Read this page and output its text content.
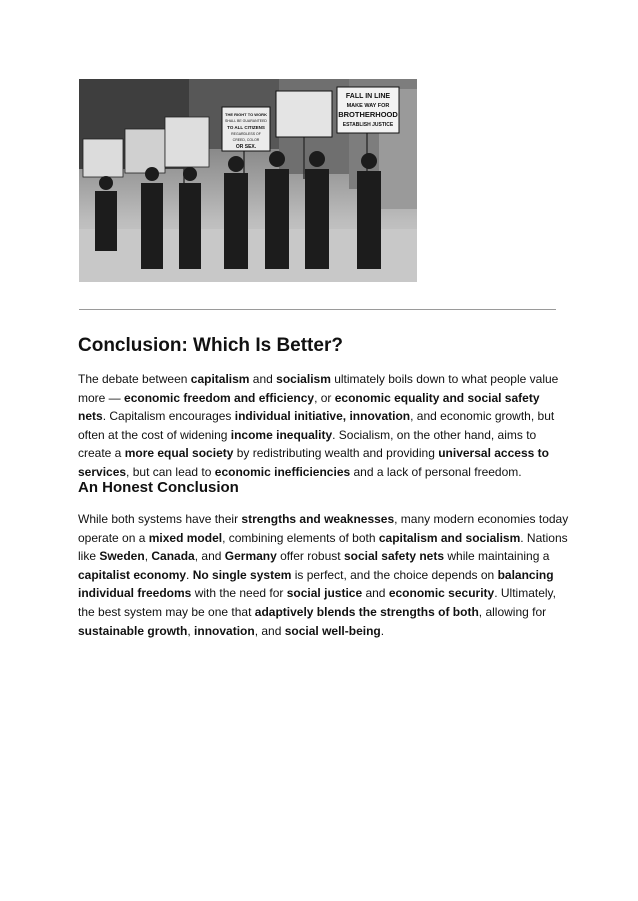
FALL IN LINE
MAKE WAY FOR
BROTHERHOOD
ESTABLISH JUSTICE
THE RIGHT TO WORK
SHALL BE GUARANTEED
TO ALL CITIZENS
REGARDLESS OF
CREED, COLOR
OR SEX.
Conclusion: Which Is Better?

The debate between capitalism and socialism ultimately boils down to what people value
more — economic freedom and efficiency, or economic equality and social safety
nets. Capitalism encourages individual initiative, innovation, and economic growth, but
often at the cost of widening income inequality. Socialism, on the other hand, aims to
create a more equal society by redistributing wealth and providing universal access to
services, but can lead to economic inefficiencies and a lack of personal freedom.

An Honest Conclusion

While both systems have their strengths and weaknesses, many modern economies today
operate on a mixed model, combining elements of both capitalism and socialism. Nations
like Sweden, Canada, and Germany offer robust social safety nets while maintaining a
capitalist economy. No single system is perfect, and the choice depends on balancing
individual freedoms with the need for social justice and economic security. Ultimately,
the best system may be one that adaptively blends the strengths of both, allowing for
sustainable growth, innovation, and social well-being.
